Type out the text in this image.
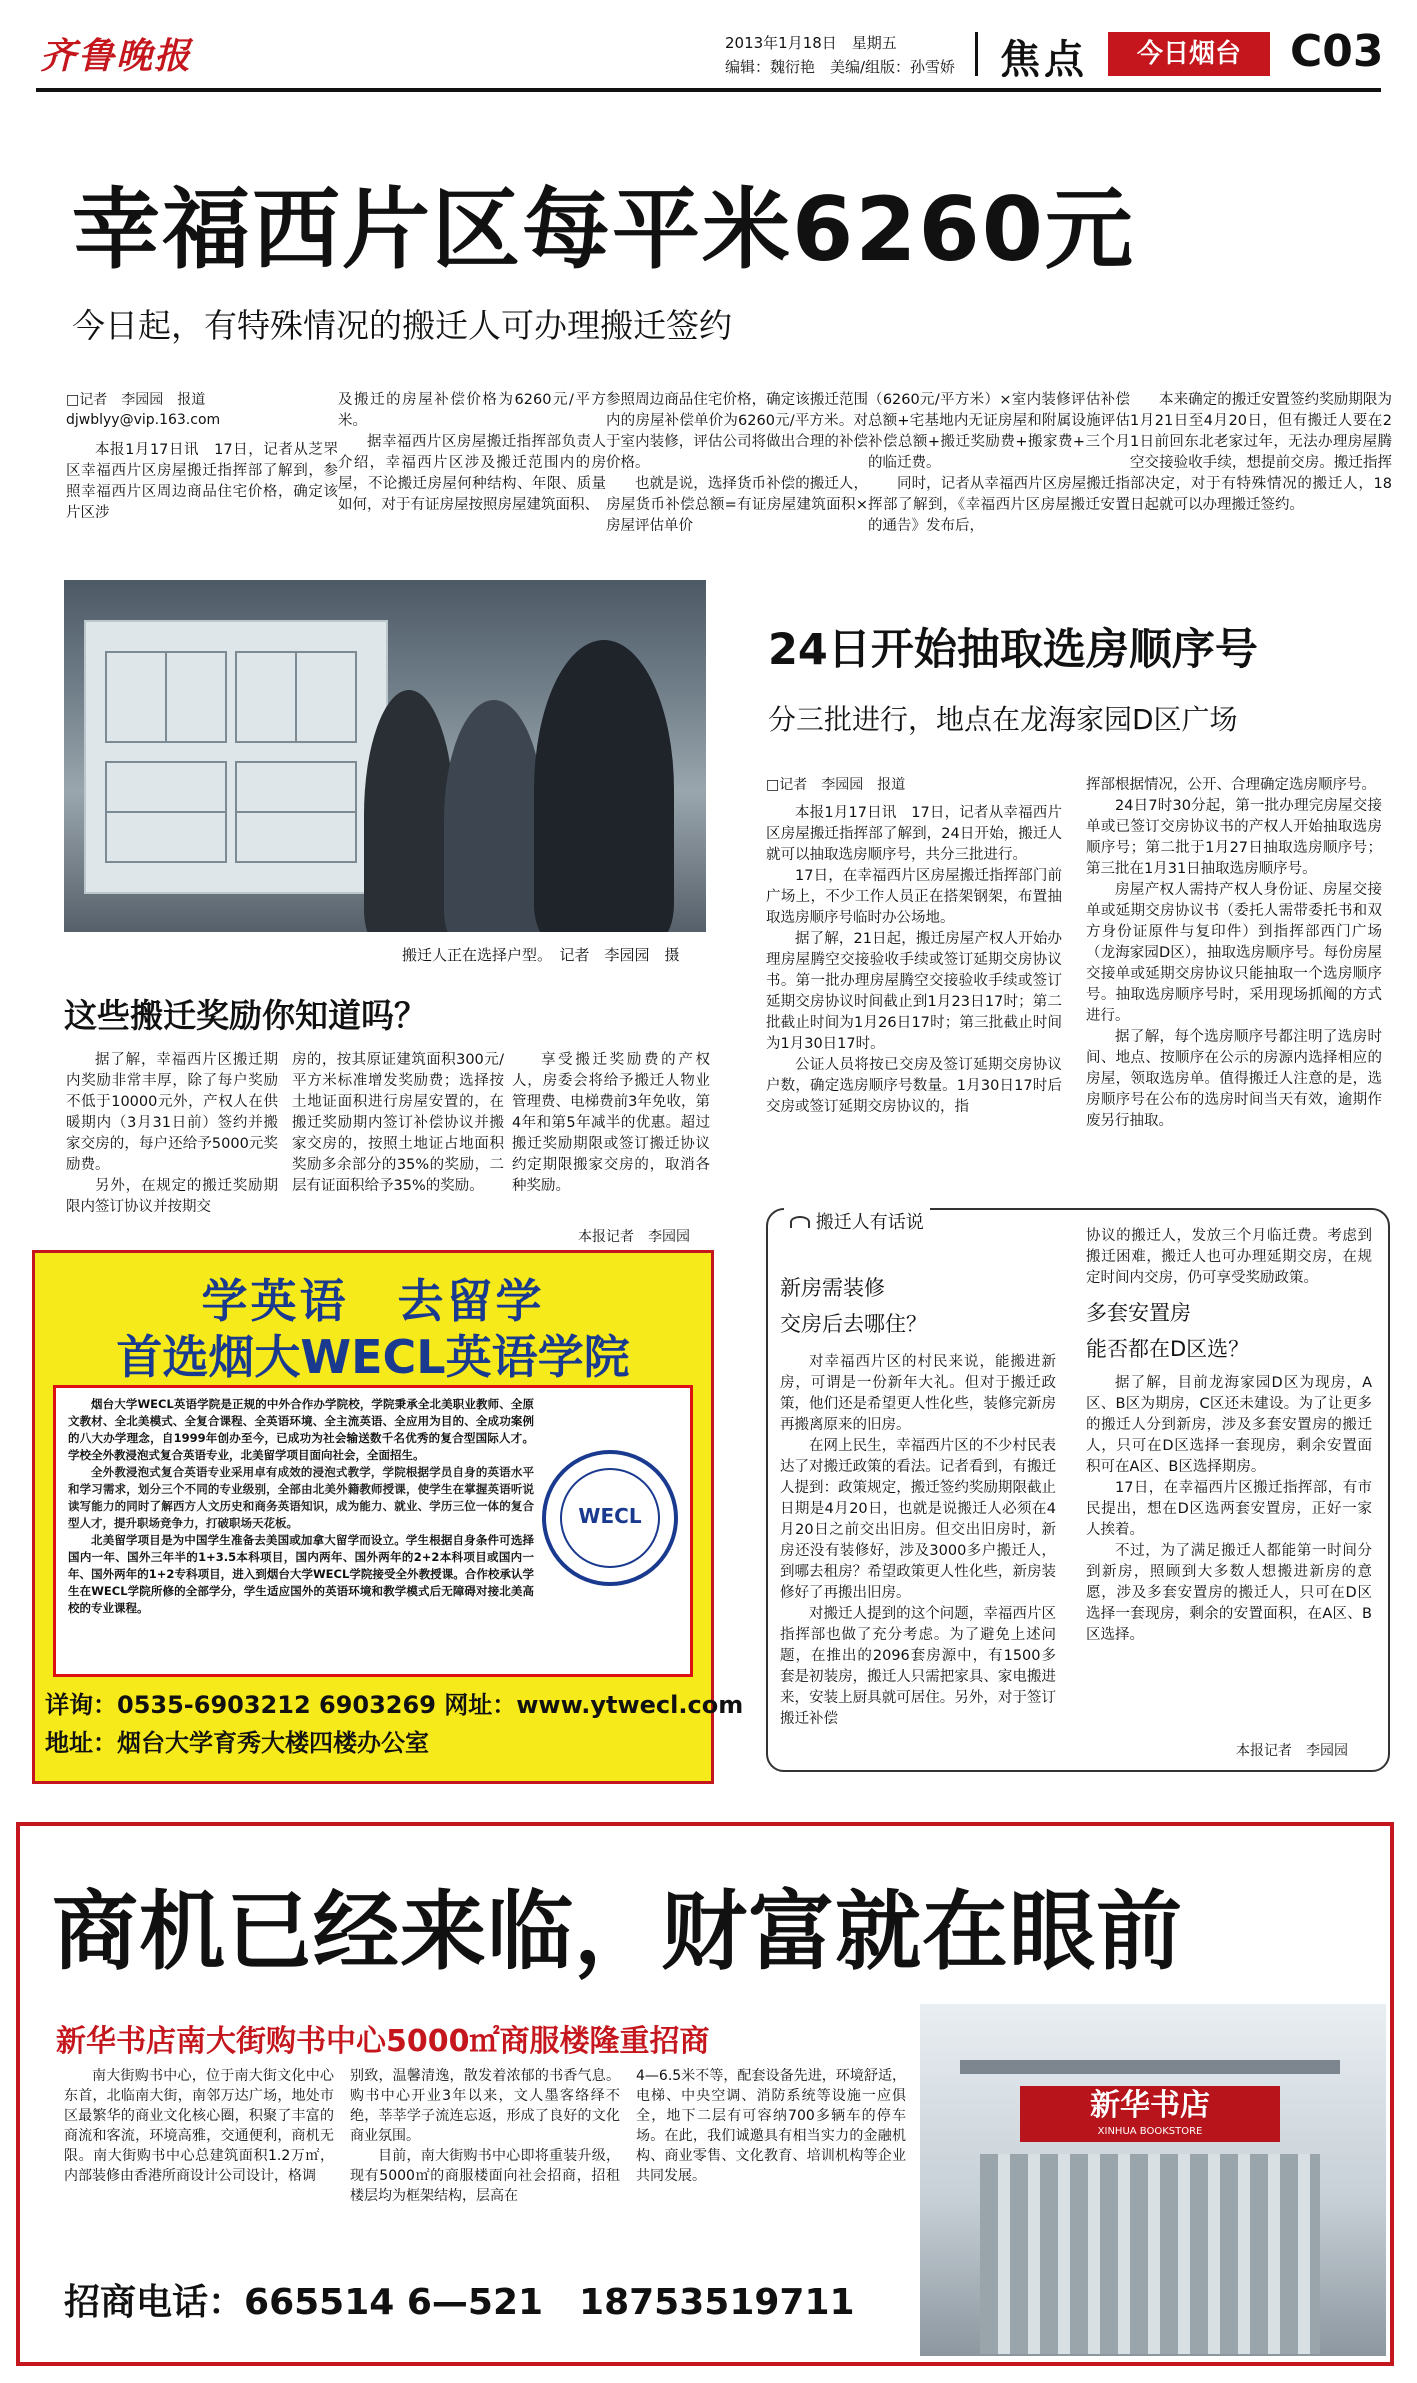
齐鲁晚报	2013年1月18日　星期五
编辑：魏衍艳　美编/组版：孙雪娇 焦点	今日烟台	C03
幸福西片区每平米6260元
今日起，有特殊情况的搬迁人可办理搬迁签约
□记者　李园园　报道
djwblyy@vip.163.com

本报1月17日讯　17日，记者从芝罘区幸福西片区房屋搬迁指挥部了解到，参照幸福西片区周边商品住宅价格，确定该片区涉

及搬迁的房屋补偿价格为6260元/平方米。

据幸福西片区房屋搬迁指挥部负责人介绍，幸福西片区涉及搬迁范围内的房屋，不论搬迁房屋何种结构、年限、质量如何，对于有证房屋按照房屋建筑面积、

参照周边商品住宅价格，确定该搬迁范围内的房屋补偿单价为6260元/平方米。对于室内装修，评估公司将做出合理的补偿价格。

也就是说，选择货币补偿的搬迁人，房屋货币补偿总额=有证房屋建筑面积×房屋评估单价

（6260元/平方米）×室内装修评估补偿总额+宅基地内无证房屋和附属设施评估补偿总额+搬迁奖励费+搬家费+三个月的临迁费。

同时，记者从幸福西片区房屋搬迁指挥部了解到，《幸福西片区房屋搬迁安置的通告》发布后，

本来确定的搬迁安置签约奖励期限为1月21日至4月20日，但有搬迁人要在21日前回东北老家过年，无法办理房屋腾空交接验收手续，想提前交房。搬迁指挥部决定，对于有特殊情况的搬迁人，18日起就可以办理搬迁签约。

搬迁人正在选择户型。　记者　李园园　摄
24日开始抽取选房顺序号
分三批进行，地点在龙海家园D区广场
□记者　李园园　报道

本报1月17日讯　17日，记者从幸福西片区房屋搬迁指挥部了解到，24日开始，搬迁人就可以抽取选房顺序号，共分三批进行。

17日，在幸福西片区房屋搬迁指挥部门前广场上，不少工作人员正在搭架钢架，布置抽取选房顺序号临时办公场地。

据了解，21日起，搬迁房屋产权人开始办理房屋腾空交接验收手续或签订延期交房协议书。第一批办理房屋腾空交接验收手续或签订延期交房协议时间截止到1月23日17时；第二批截止时间为1月26日17时；第三批截止时间为1月30日17时。

公证人员将按已交房及签订延期交房协议户数，确定选房顺序号数量。1月30日17时后交房或签订延期交房协议的，指

挥部根据情况，公开、合理确定选房顺序号。

24日7时30分起，第一批办理完房屋交接单或已签订交房协议书的产权人开始抽取选房顺序号；第二批于1月27日抽取选房顺序号；第三批在1月31日抽取选房顺序号。

房屋产权人需持产权人身份证、房屋交接单或延期交房协议书（委托人需带委托书和双方身份证原件与复印件）到指挥部西门广场（龙海家园D区），抽取选房顺序号。每份房屋交接单或延期交房协议只能抽取一个选房顺序号。抽取选房顺序号时，采用现场抓阄的方式进行。

据了解，每个选房顺序号都注明了选房时间、地点、按顺序在公示的房源内选择相应的房屋，领取选房单。值得搬迁人注意的是，选房顺序号在公布的选房时间当天有效，逾期作废另行抽取。

这些搬迁奖励你知道吗？

据了解，幸福西片区搬迁期内奖励非常丰厚，除了每户奖励不低于10000元外，产权人在供暖期内（3月31日前）签约并搬家交房的，每户还给予5000元奖励费。

另外，在规定的搬迁奖励期限内签订协议并按期交

房的，按其原证建筑面积300元/平方米标准增发奖励费；选择按土地证面积进行房屋安置的，在搬迁奖励期内签订补偿协议并搬家交房的，按照土地证占地面积奖励多余部分的35%的奖励，二层有证面积给予35%的奖励。

享受搬迁奖励费的产权人，房委会将给予搬迁人物业管理费、电梯费前3年免收，第4年和第5年减半的优惠。超过搬迁奖励期限或签订搬迁协议约定期限搬家交房的，取消各种奖励。

本报记者　李园园
学英语　去留学
首选烟大WECL英语学院

烟台大学WECL英语学院是正规的中外合作办学院校，学院秉承全北美职业教师、全原文教材、全北美模式、全复合课程、全英语环境、全主流英语、全应用为目的、全成功案例的八大办学理念，自1999年创办至今，已成功为社会输送数千名优秀的复合型国际人才。学校全外教浸泡式复合英语专业，北美留学项目面向社会，全面招生。

全外教浸泡式复合英语专业采用卓有成效的浸泡式教学，学院根据学员自身的英语水平和学习需求，划分三个不同的专业级别，全部由北美外籍教师授课，使学生在掌握英语听说读写能力的同时了解西方人文历史和商务英语知识，成为能力、就业、学历三位一体的复合型人才，提升职场竞争力，打破职场天花板。

北美留学项目是为中国学生准备去美国或加拿大留学而设立。学生根据自身条件可选择国内一年、国外三年半的1+3.5本科项目，国内两年、国外两年的2+2本科项目或国内一年、国外两年的1+2专科项目，进入到烟台大学WECL学院接受全外教授课。合作校承认学生在WECL学院所修的全部学分，学生适应国外的英语环境和教学模式后无障碍对接北美高校的专业课程。

WECL
详询：0535-6903212 6903269 网址：www.ytwecl.com
地址：烟台大学育秀大楼四楼办公室
搬迁人有话说
新房需装修
交房后去哪住？

对幸福西片区的村民来说，能搬进新房，可谓是一份新年大礼。但对于搬迁政策，他们还是希望更人性化些，装修完新房再搬离原来的旧房。

在网上民生，幸福西片区的不少村民表达了对搬迁政策的看法。记者看到，有搬迁人提到：政策规定，搬迁签约奖励期限截止日期是4月20日，也就是说搬迁人必须在4月20日之前交出旧房。但交出旧房时，新房还没有装修好，涉及3000多户搬迁人，到哪去租房？希望政策更人性化些，新房装修好了再搬出旧房。

对搬迁人提到的这个问题，幸福西片区指挥部也做了充分考虑。为了避免上述问题，在推出的2096套房源中，有1500多套是初装房，搬迁人只需把家具、家电搬进来，安装上厨具就可居住。另外，对于签订搬迁补偿

协议的搬迁人，发放三个月临迁费。考虑到搬迁困难，搬迁人也可办理延期交房，在规定时间内交房，仍可享受奖励政策。

多套安置房
能否都在D区选？

据了解，目前龙海家园D区为现房，A区、B区为期房，C区还未建设。为了让更多的搬迁人分到新房，涉及多套安置房的搬迁人，只可在D区选择一套现房，剩余安置面积可在A区、B区选择期房。

17日，在幸福西片区搬迁指挥部，有市民提出，想在D区选两套安置房，正好一家人挨着。

不过，为了满足搬迁人都能第一时间分到新房，照顾到大多数人想搬进新房的意愿，涉及多套安置房的搬迁人，只可在D区选择一套现房，剩余的安置面积，在A区、B区选择。

本报记者　李园园
商机已经来临，财富就在眼前
新华书店南大街购书中心5000㎡商服楼隆重招商
新华书店
XINHUA BOOKSTORE

南大街购书中心，位于南大街文化中心东首，北临南大街，南邻万达广场，地处市区最繁华的商业文化核心圈，积聚了丰富的商流和客流，环境高雅，交通便利，商机无限。南大街购书中心总建筑面积1.2万㎡，内部装修由香港所商设计公司设计，格调

别致，温馨清逸，散发着浓郁的书香气息。购书中心开业3年以来，文人墨客络绎不绝，莘莘学子流连忘返，形成了良好的文化商业氛围。

目前，南大街购书中心即将重装升级，现有5000㎡的商服楼面向社会招商，招租楼层均为框架结构，层高在

4—6.5米不等，配套设备先进，环境舒适，电梯、中央空调、消防系统等设施一应俱全，地下二层有可容纳700多辆车的停车场。在此，我们诚邀具有相当实力的金融机构、商业零售、文化教育、培训机构等企业共同发展。

招商电话：665514 6—521　18753519711
